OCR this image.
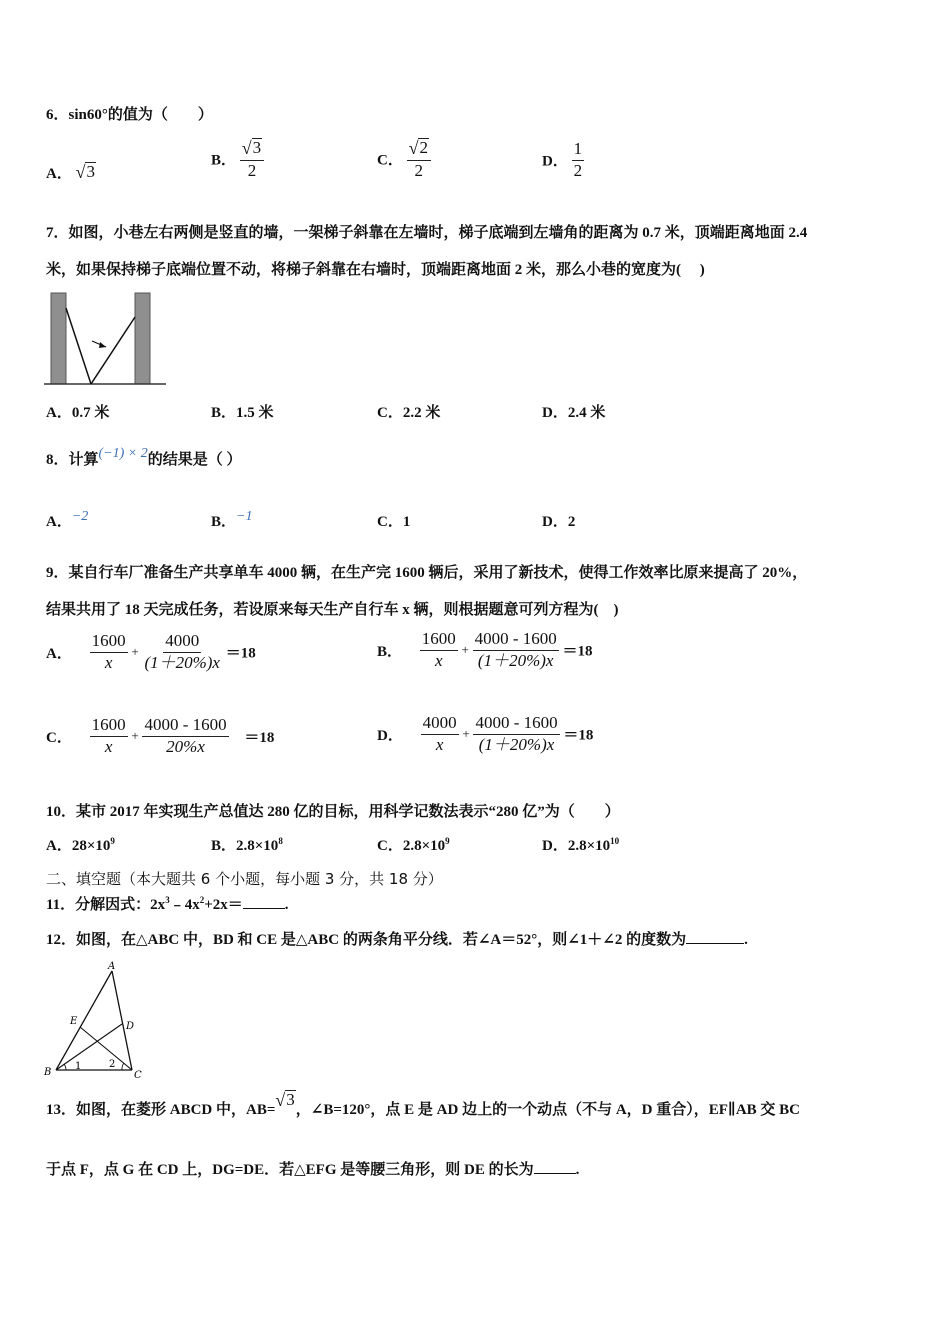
6．sin60°的值为（　　）
A． √ 3
B． $\frac{√ 3}{2}$	C． $\frac{√ 2}{2}$	D． $\frac{1}{2}$
7．如图，小巷左右两侧是竖直的墙，一架梯子斜靠在左墙时，梯子底端到左墙角的距离为 0.7 米，顶端距离地面 2.4
米，如果保持梯子底端位置不动，将梯子斜靠在右墙时，顶端距离地面 2 米，那么小巷的宽度为(　 )
A．0.7 米	B．1.5 米	C．2.2 米	D．2.4 米
8．计算(−1) × 2的结果是（ ）
A．−2	B．−1	C．1	D．2
9．某自行车厂准备生产共享单车 4000 辆，在生产完 1600 辆后，采用了新技术，使得工作效率比原来提高了 20%，
结果共用了 18 天完成任务，若设原来每天生产自行车 x 辆，则根据题意可列方程为(　)
A． $\frac{1600}{x} + \frac{4000}{(1+20\%)x} =18$	B． $\frac{1600}{x} + \frac{4000 - 1600}{(1+20\%)x} =18$
C． $\frac{1600}{x} + \frac{4000 - 1600}{20\%x} =18$	D． $\frac{4000}{x} + \frac{4000 - 1600}{(1+20\%)x} =18$
10．某市 2017 年实现生产总值达 280 亿的目标，用科学记数法表示“280 亿”为（　　）
A．$28\times 10^9$	B．$2.8\times 10^8$	C．$2.8\times 10^9$	D．$2.8\times 10^{10}$
二、填空题（本大题共 6 个小题，每小题 3 分，共 18 分）
11．分解因式：$2x^3﹣4x^2+2x=$	.
12．如图，在△ABC 中，BD 和 CE 是△ABC 的两条角平分线．若∠A＝52°，则∠1＋∠2 的度数为	.
A
B	C
D
E
1	2
13．如图，在菱形 ABCD 中，AB= √ 3
，∠B=120°，点 E 是 AD 边上的一个动点（不与 A，D 重合），EF∥AB 交 BC
于点 F，点 G 在 CD 上，DG=DE．若△EFG 是等腰三角形，则 DE 的长为	.
